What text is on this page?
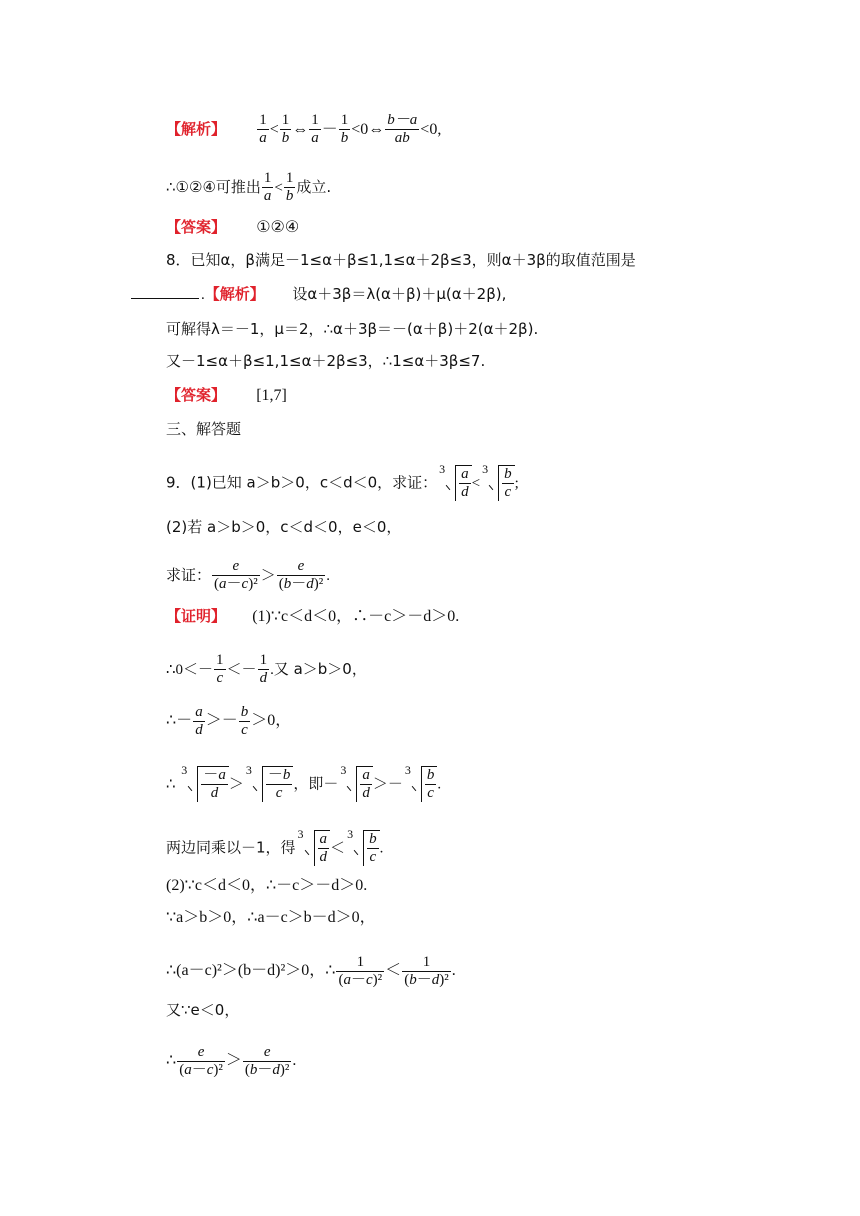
【解析】 $\frac{1}{a} < \frac{1}{b}$ ⇔ $\frac{1}{a} - \frac{1}{b}$ <0⇔ $\frac{b-a}{ab} <0$,
∴①②④可推出 $\frac{1}{a} < \frac{1}{b}$ 成立.
【答案】 ①②④
8．已知α，β满足－1≤α＋β≤1,1≤α＋2β≤3，则α＋3β的取值范围是
.【解析】 设α＋3β＝λ(α＋β)＋μ(α＋2β),
可解得λ＝－1，μ＝2，∴α＋3β＝－(α＋β)＋2(α＋2β).
又－1≤α＋β≤1,1≤α＋2β≤3，∴1≤α＋3β≤7.
【答案】 [1,7]
三、解答题
9．(1)已知 a＞b＞0，c＜d＜0，求证：
$3 \frac{a}{d}$ <
$3 \frac{b}{c}$ ;
(2)若 a＞b＞0，c＜d＜0，e＜0，
求证： $\frac{e}{\text{(a－c)²}} > \frac{e}{\text{(b－d)²}}$ .
【证明】 (1)∵c＜d＜0，∴－c＞－d＞0.
∴0＜－ $\frac{1}{c} <- \frac{1}{d}$ .又 a＞b＞0，
∴－ $\frac{a}{d} >- \frac{b}{c} >0$，
∴
$3 \frac{-a}{d}$ ＞
$3 \frac{-b}{c}$ ，即－
$3 \frac{a}{d}$ ＞－
$3 \frac{b}{c}$ .
两边同乘以－1，得
$3 \frac{a}{d}$ ＜
$3 \frac{b}{c}$ .
(2)∵c＜d＜0，∴－c＞－d＞0.
∵a＞b＞0，∴a－c＞b－d＞0，
∴(a－c)²＞(b－d)²＞0，∴ $\frac{1}{\text{(a－c)²}} < \frac{1}{\text{(b－d)²}}$ .
又∵e＜0，
∴ $\frac{e}{\text{(a－c)²}} > \frac{e}{\text{(b－d)²}}$ .
